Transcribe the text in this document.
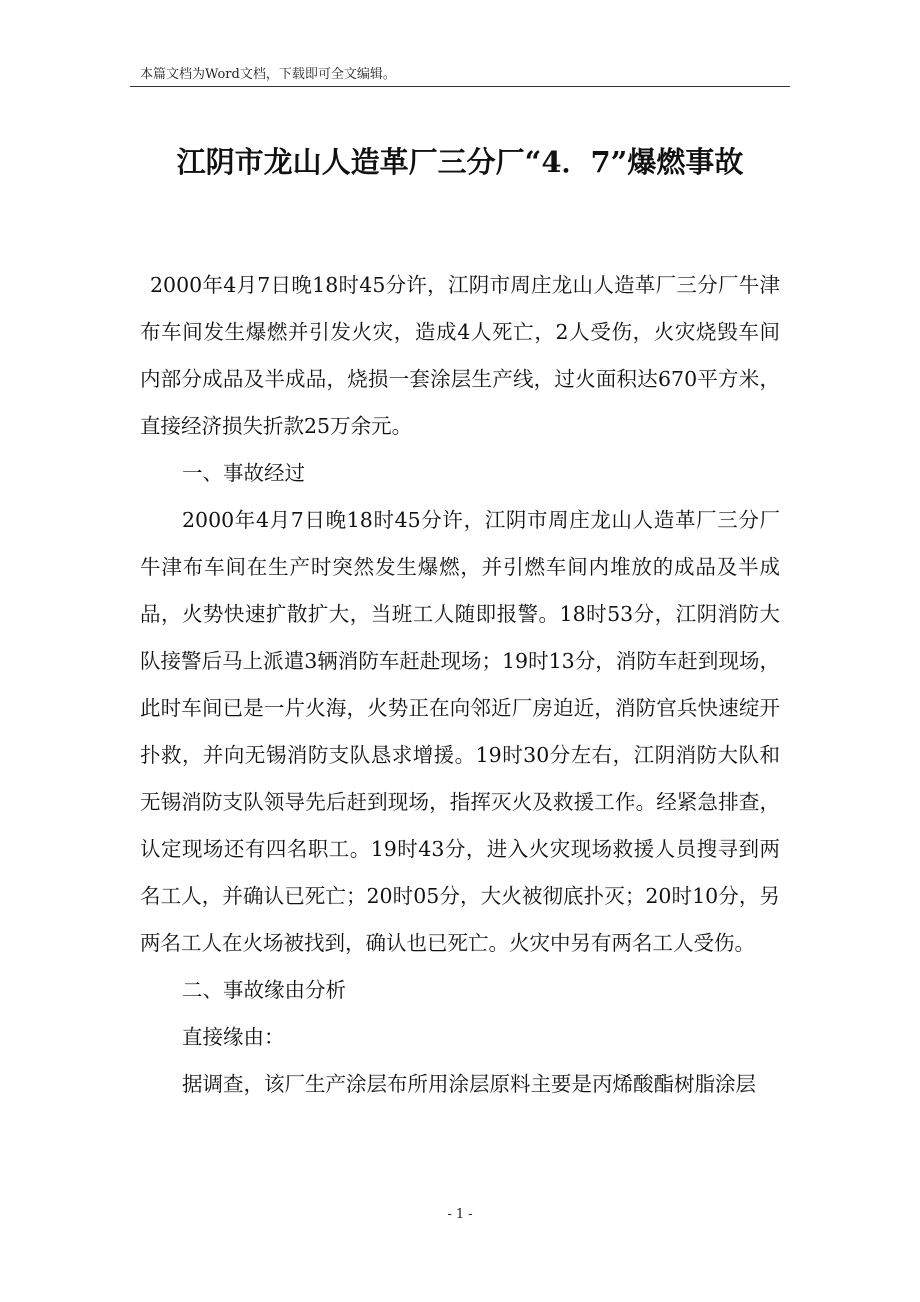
本篇文档为Word文档，下载即可全文编辑。
江阴市龙山人造革厂三分厂“4．7”爆燃事故

2000年4月7日晚18时45分许，江阴市周庄龙山人造革厂三分厂牛津布车间发生爆燃并引发火灾，造成4人死亡，2人受伤，火灾烧毁车间内部分成品及半成品，烧损一套涂层生产线，过火面积达670平方米，直接经济损失折款25万余元。

一、事故经过

2000年4月7日晚18时45分许，江阴市周庄龙山人造革厂三分厂牛津布车间在生产时突然发生爆燃，并引燃车间内堆放的成品及半成品，火势快速扩散扩大，当班工人随即报警。18时53分，江阴消防大队接警后马上派遣3辆消防车赶赴现场；19时13分，消防车赶到现场，此时车间已是一片火海，火势正在向邻近厂房迫近，消防官兵快速绽开扑救，并向无锡消防支队恳求增援。19时30分左右，江阴消防大队和无锡消防支队领导先后赶到现场，指挥灭火及救援工作。经紧急排查，认定现场还有四名职工。19时43分，进入火灾现场救援人员搜寻到两名工人，并确认已死亡；20时05分，大火被彻底扑灭；20时10分，另两名工人在火场被找到，确认也已死亡。火灾中另有两名工人受伤。

二、事故缘由分析

直接缘由：

据调查，该厂生产涂层布所用涂层原料主要是丙烯酸酯树脂涂层

- 1 -
